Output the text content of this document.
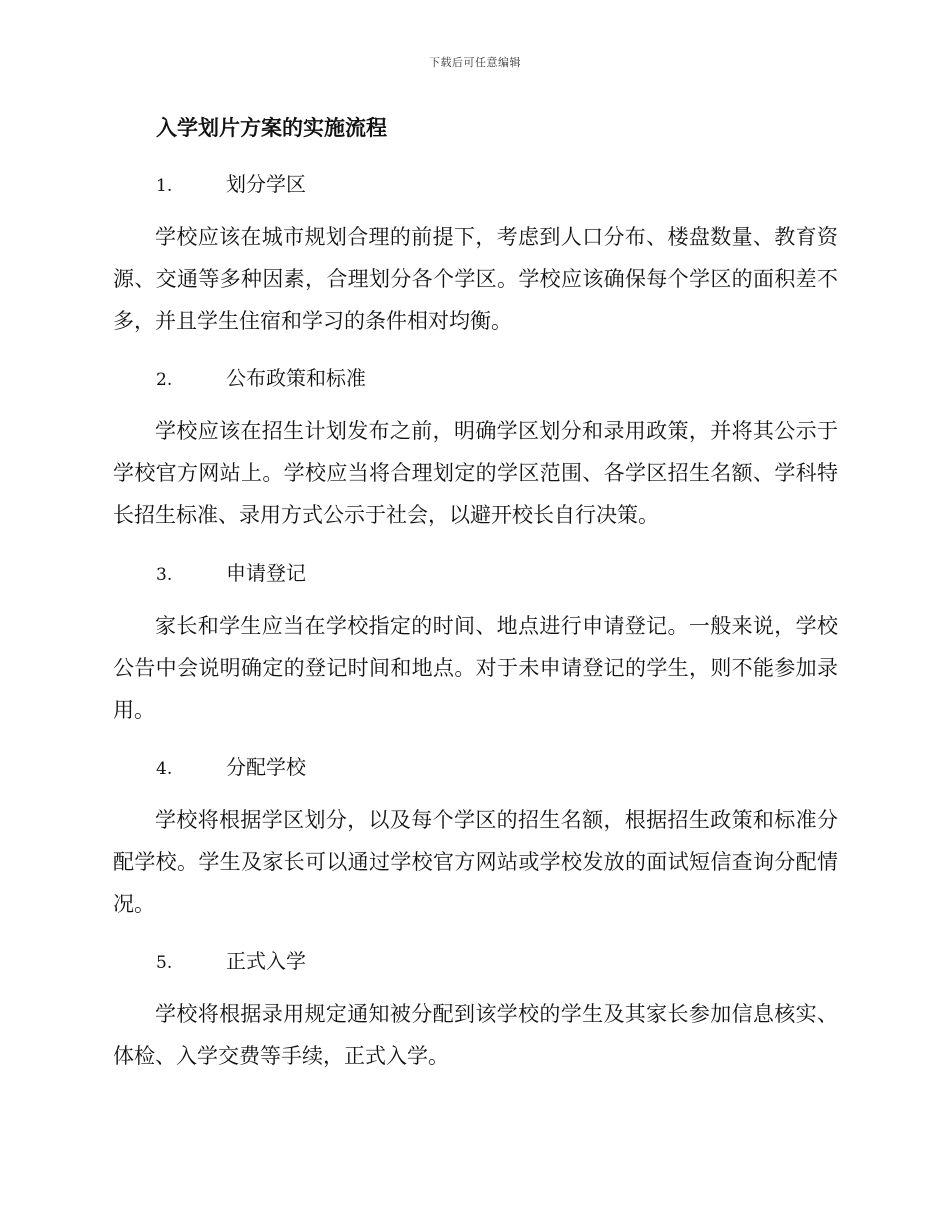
下载后可任意编辑
入学划片方案的实施流程
1.	划分学区

学校应该在城市规划合理的前提下，考虑到人口分布、楼盘数量、教育资源、交通等多种因素，合理划分各个学区。学校应该确保每个学区的面积差不多，并且学生住宿和学习的条件相对均衡。

2.	公布政策和标准

学校应该在招生计划发布之前，明确学区划分和录用政策，并将其公示于学校官方网站上。学校应当将合理划定的学区范围、各学区招生名额、学科特长招生标准、录用方式公示于社会，以避开校长自行决策。

3.	申请登记

家长和学生应当在学校指定的时间、地点进行申请登记。一般来说，学校公告中会说明确定的登记时间和地点。对于未申请登记的学生，则不能参加录用。

4.	分配学校

学校将根据学区划分，以及每个学区的招生名额，根据招生政策和标准分配学校。学生及家长可以通过学校官方网站或学校发放的面试短信查询分配情况。

5.	正式入学

学校将根据录用规定通知被分配到该学校的学生及其家长参加信息核实、体检、入学交费等手续，正式入学。
